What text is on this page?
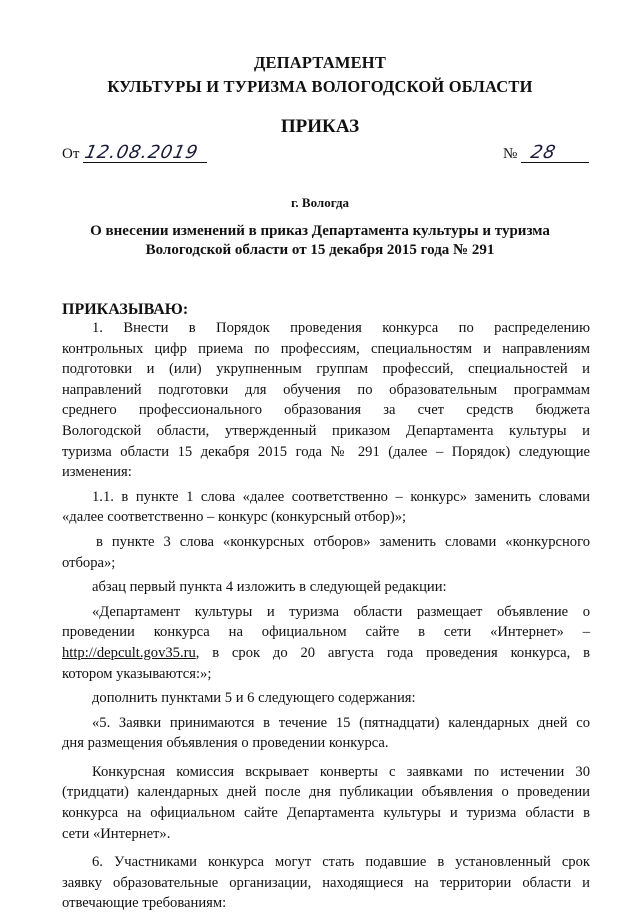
ДЕПАРТАМЕНТ
КУЛЬТУРЫ И ТУРИЗМА ВОЛОГОДСКОЙ ОБЛАСТИ
ПРИКАЗ
От 12.08.2019	№ 28
г. Вологда
О внесении изменений в приказ Департамента культуры и туризма
Вологодской области от 15 декабря 2015 года № 291
ПРИКАЗЫВАЮ:

1. Внести в Порядок проведения конкурса по распределению

контрольных цифр приема по профессиям, специальностям и направлениям

подготовки и (или) укрупненным группам профессий, специальностей и

направлений подготовки для обучения по образовательным программам

среднего профессионального образования за счет средств бюджета

Вологодской области, утвержденный приказом Департамента культуры и

туризма области 15 декабря 2015 года № 291 (далее – Порядок) следующие

изменения:

1.1. в пункте 1 слова «далее соответственно – конкурс» заменить словами

«далее соответственно – конкурс (конкурсный отбор)»;

в пункте 3 слова «конкурсных отборов» заменить словами «конкурсного

отбора»;

абзац первый пункта 4 изложить в следующей редакции:

«Департамент культуры и туризма области размещает объявление о

проведении конкурса на официальном сайте в сети «Интернет» –

http://depcult.gov35.ru, в срок до 20 августа года проведения конкурса, в

котором указываются:»;

дополнить пунктами 5 и 6 следующего содержания:

«5. Заявки принимаются в течение 15 (пятнадцати) календарных дней со

дня размещения объявления о проведении конкурса.

Конкурсная комиссия вскрывает конверты с заявками по истечении 30

(тридцати) календарных дней после дня публикации объявления о проведении

конкурса на официальном сайте Департамента культуры и туризма области в

сети «Интернет».

6. Участниками конкурса могут стать подавшие в установленный срок

заявку образовательные организации, находящиеся на территории области и

отвечающие требованиям:
